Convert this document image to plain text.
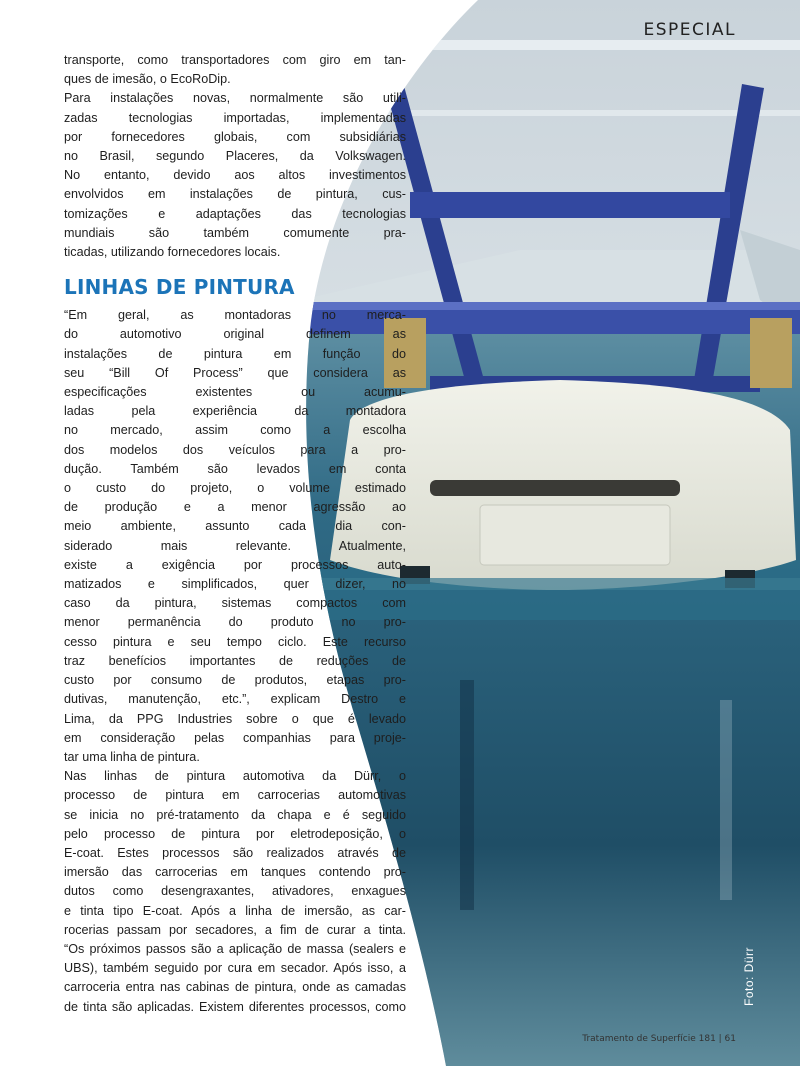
ESPECIAL
transporte, como transportadores com giro em tan-
ques de imesão, o EcoRoDip.
Para instalações novas, normalmente são utili-
zadas tecnologias importadas, implementadas
por fornecedores globais, com subsidiárias
no Brasil, segundo Placeres, da Volkswagen.
No entanto, devido aos altos investimentos
envolvidos em instalações de pintura, cus-
tomizações e adaptações das tecnologias
mundiais são também comumente pra-
ticadas, utilizando fornecedores locais.
LINHAS DE PINTURA
“Em geral, as montadoras no merca-
do automotivo original definem as
instalações de pintura em função do
seu “Bill Of Process” que considera as
especificações existentes ou acumu-
ladas pela experiência da montadora
no mercado, assim como a escolha
dos modelos dos veículos para a pro-
dução. Também são levados em conta
o custo do projeto, o volume estimado
de produção e a menor agressão ao
meio ambiente, assunto cada dia con-
siderado mais relevante. Atualmente,
existe a exigência por processos auto-
matizados e simplificados, quer dizer, no
caso da pintura, sistemas compactos com
menor permanência do produto no pro-
cesso pintura e seu tempo ciclo. Este recurso
traz benefícios importantes de reduções de
custo por consumo de produtos, etapas pro-
dutivas, manutenção, etc.”, explicam Destro e
Lima, da PPG Industries sobre o que é levado
em consideração pelas companhias para proje-
tar uma linha de pintura.
Nas linhas de pintura automotiva da Dürr, o
processo de pintura em carrocerias automotivas
se inicia no pré-tratamento da chapa e é seguido
pelo processo de pintura por eletrodeposição, o
E-coat. Estes processos são realizados através de
imersão das carrocerias em tanques contendo pro-
dutos como desengraxantes, ativadores, enxagues
e tinta tipo E-coat. Após a linha de imersão, as car-
rocerias passam por secadores, a fim de curar a tinta.
“Os próximos passos são a aplicação de massa (sealers e
UBS), também seguido por cura em secador. Após isso, a
carroceria entra nas cabinas de pintura, onde as camadas
de tinta são aplicadas. Existem diferentes processos, como
Foto: Dürr
Tratamento de Superfície 181 | 61
